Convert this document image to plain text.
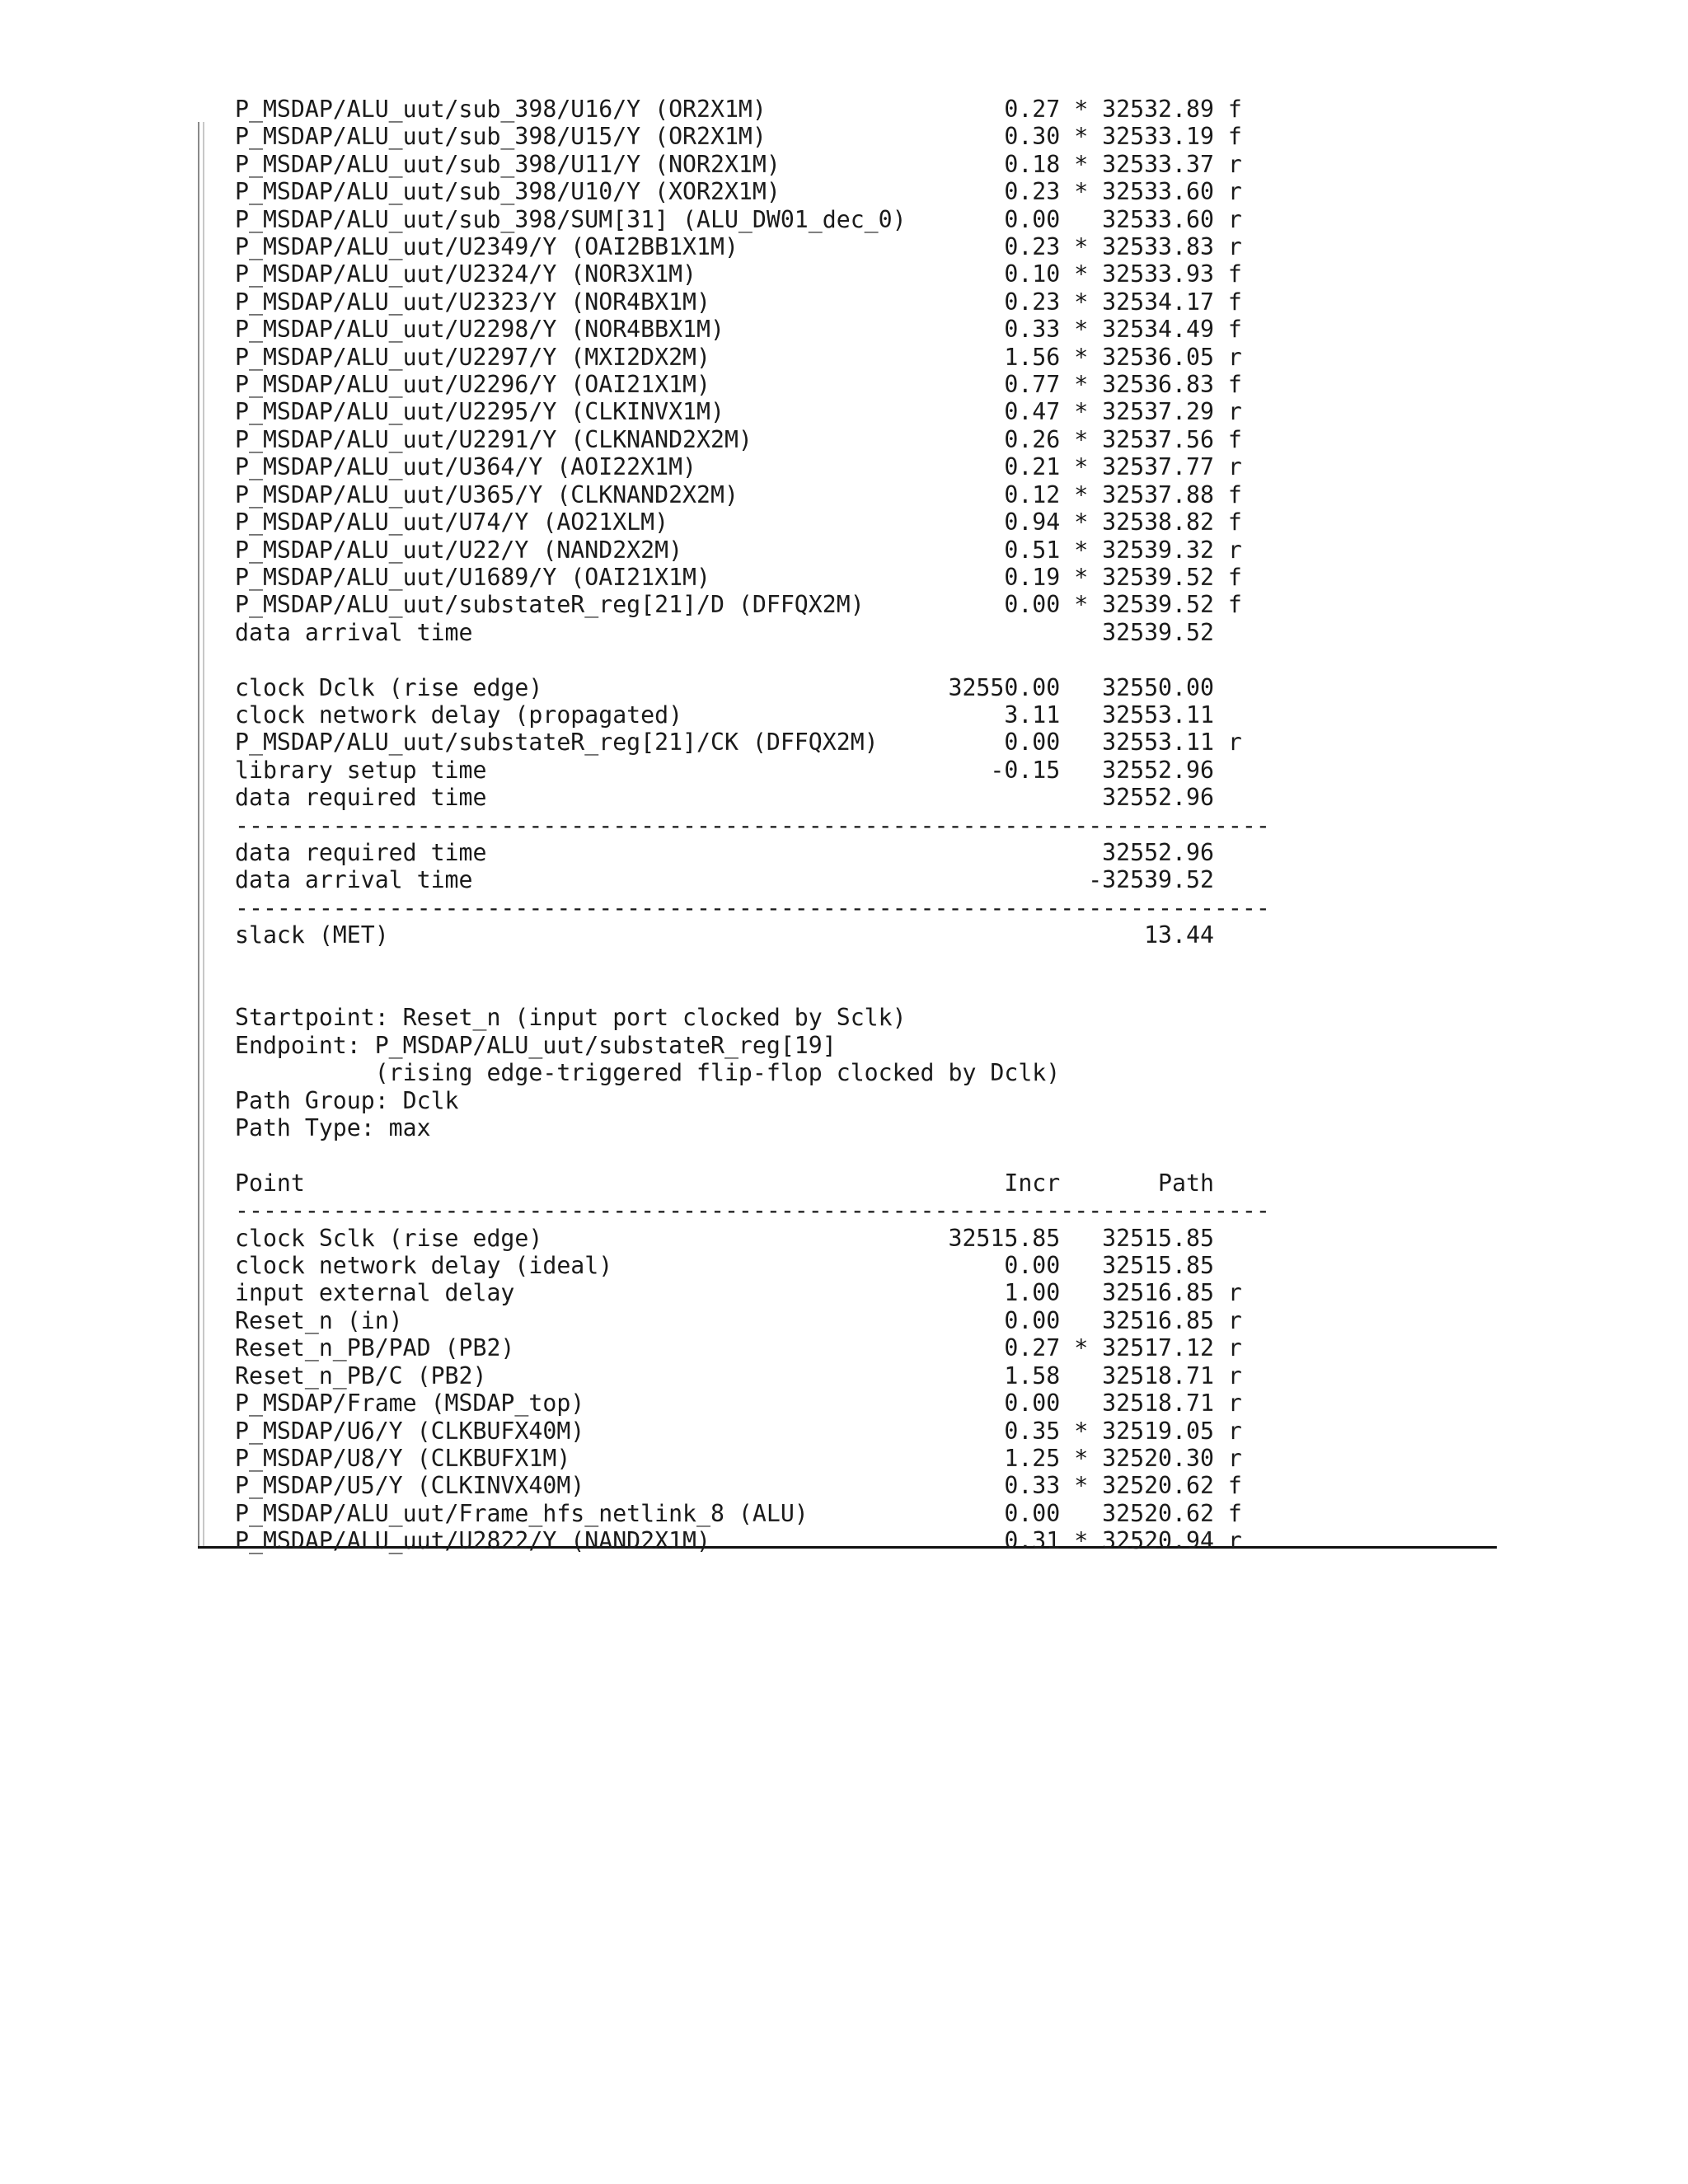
P_MSDAP/ALU_uut/sub_398/U16/Y (OR2X1M)                 0.27 * 32532.89 f
P_MSDAP/ALU_uut/sub_398/U15/Y (OR2X1M)                 0.30 * 32533.19 f
P_MSDAP/ALU_uut/sub_398/U11/Y (NOR2X1M)                0.18 * 32533.37 r
P_MSDAP/ALU_uut/sub_398/U10/Y (XOR2X1M)                0.23 * 32533.60 r
P_MSDAP/ALU_uut/sub_398/SUM[31] (ALU_DW01_dec_0)       0.00   32533.60 r
P_MSDAP/ALU_uut/U2349/Y (OAI2BB1X1M)                   0.23 * 32533.83 r
P_MSDAP/ALU_uut/U2324/Y (NOR3X1M)                      0.10 * 32533.93 f
P_MSDAP/ALU_uut/U2323/Y (NOR4BX1M)                     0.23 * 32534.17 f
P_MSDAP/ALU_uut/U2298/Y (NOR4BBX1M)                    0.33 * 32534.49 f
P_MSDAP/ALU_uut/U2297/Y (MXI2DX2M)                     1.56 * 32536.05 r
P_MSDAP/ALU_uut/U2296/Y (OAI21X1M)                     0.77 * 32536.83 f
P_MSDAP/ALU_uut/U2295/Y (CLKINVX1M)                    0.47 * 32537.29 r
P_MSDAP/ALU_uut/U2291/Y (CLKNAND2X2M)                  0.26 * 32537.56 f
P_MSDAP/ALU_uut/U364/Y (AOI22X1M)                      0.21 * 32537.77 r
P_MSDAP/ALU_uut/U365/Y (CLKNAND2X2M)                   0.12 * 32537.88 f
P_MSDAP/ALU_uut/U74/Y (AO21XLM)                        0.94 * 32538.82 f
P_MSDAP/ALU_uut/U22/Y (NAND2X2M)                       0.51 * 32539.32 r
P_MSDAP/ALU_uut/U1689/Y (OAI21X1M)                     0.19 * 32539.52 f
P_MSDAP/ALU_uut/substateR_reg[21]/D (DFFQX2M)          0.00 * 32539.52 f
data arrival time                                             32539.52

clock Dclk (rise edge)                             32550.00   32550.00
clock network delay (propagated)                       3.11   32553.11
P_MSDAP/ALU_uut/substateR_reg[21]/CK (DFFQX2M)         0.00   32553.11 r
library setup time                                    -0.15   32552.96
data required time                                            32552.96
--------------------------------------------------------------------------
data required time                                            32552.96
data arrival time                                            -32539.52
--------------------------------------------------------------------------
slack (MET)                                                      13.44

Startpoint: Reset_n (input port clocked by Sclk)
Endpoint: P_MSDAP/ALU_uut/substateR_reg[19]
(rising edge-triggered flip-flop clocked by Dclk)
Path Group: Dclk
Path Type: max

Point                                                  Incr       Path
--------------------------------------------------------------------------
clock Sclk (rise edge)                             32515.85   32515.85
clock network delay (ideal)                            0.00   32515.85
input external delay                                   1.00   32516.85 r
Reset_n (in)                                           0.00   32516.85 r
Reset_n_PB/PAD (PB2)                                   0.27 * 32517.12 r
Reset_n_PB/C (PB2)                                     1.58   32518.71 r
P_MSDAP/Frame (MSDAP_top)                              0.00   32518.71 r
P_MSDAP/U6/Y (CLKBUFX40M)                              0.35 * 32519.05 r
P_MSDAP/U8/Y (CLKBUFX1M)                               1.25 * 32520.30 r
P_MSDAP/U5/Y (CLKINVX40M)                              0.33 * 32520.62 f
P_MSDAP/ALU_uut/Frame_hfs_netlink_8 (ALU)              0.00   32520.62 f
P_MSDAP/ALU_uut/U2822/Y (NAND2X1M)                     0.31 * 32520.94 r
